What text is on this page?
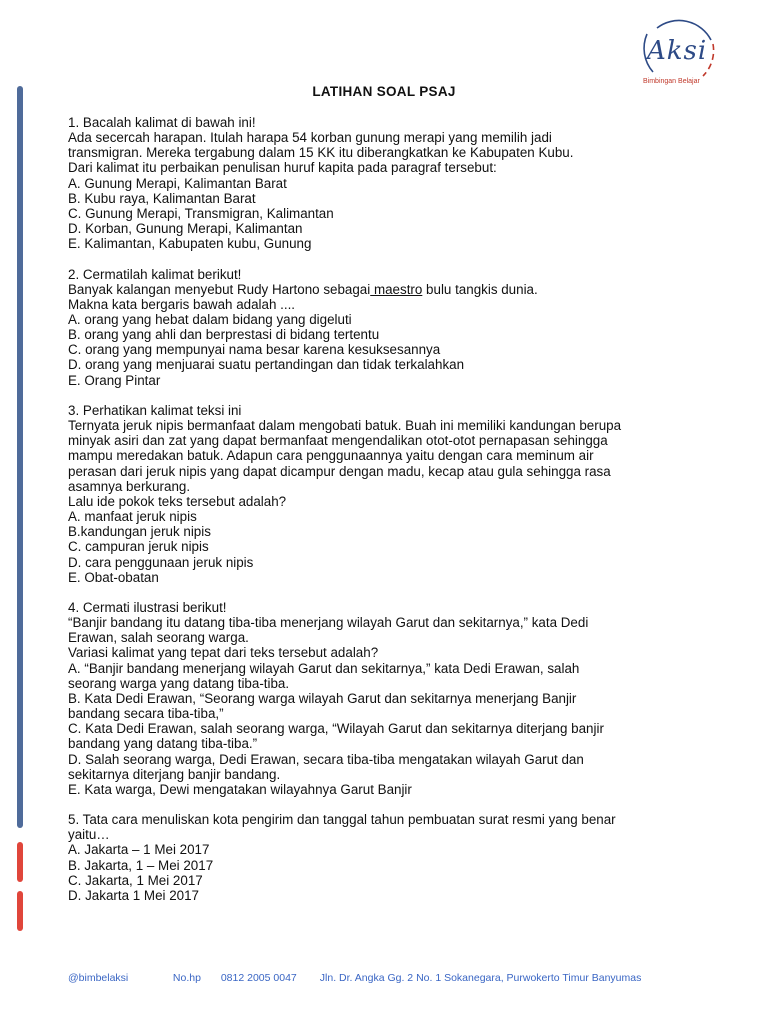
Aksi
Bimbingan Belajar
LATIHAN SOAL PSAJ

1. Bacalah kalimat di bawah ini!

Ada secercah harapan. Itulah harapa 54 korban gunung merapi yang memilih jadi

transmigran. Mereka tergabung dalam 15 KK itu diberangkatkan ke Kabupaten Kubu.

Dari kalimat itu perbaikan penulisan huruf kapita pada paragraf tersebut:

A. Gunung Merapi, Kalimantan Barat

B. Kubu raya, Kalimantan Barat

C. Gunung Merapi, Transmigran, Kalimantan

D. Korban, Gunung Merapi, Kalimantan

E. Kalimantan, Kabupaten kubu, Gunung

2. Cermatilah kalimat berikut!

Banyak kalangan menyebut Rudy Hartono sebagai maestro bulu tangkis dunia.

Makna kata bergaris bawah adalah ....

A. orang yang hebat dalam bidang yang digeluti

B. orang yang ahli dan berprestasi di bidang tertentu

C. orang yang mempunyai nama besar karena kesuksesannya

D. orang yang menjuarai suatu pertandingan dan tidak terkalahkan

E. Orang Pintar

3. Perhatikan kalimat teksi ini

Ternyata jeruk nipis bermanfaat dalam mengobati batuk. Buah ini memiliki kandungan berupa

minyak asiri dan zat yang dapat bermanfaat mengendalikan otot-otot pernapasan sehingga

mampu meredakan batuk. Adapun cara penggunaannya yaitu dengan cara meminum air

perasan dari jeruk nipis yang dapat dicampur dengan madu, kecap atau gula sehingga rasa

asamnya berkurang.

Lalu ide pokok teks tersebut adalah?

A. manfaat jeruk nipis

B.kandungan jeruk nipis

C. campuran jeruk nipis

D. cara penggunaan jeruk nipis

E. Obat-obatan

4. Cermati ilustrasi berikut!

“Banjir bandang itu datang tiba-tiba menerjang wilayah Garut dan sekitarnya,” kata Dedi

Erawan, salah seorang warga.

Variasi kalimat yang tepat dari teks tersebut adalah?

A. “Banjir bandang menerjang wilayah Garut dan sekitarnya,” kata Dedi Erawan, salah

seorang warga yang datang tiba-tiba.

B. Kata Dedi Erawan, “Seorang warga wilayah Garut dan sekitarnya menerjang Banjir

bandang secara tiba-tiba,”

C. Kata Dedi Erawan, salah seorang warga, “Wilayah Garut dan sekitarnya diterjang banjir

bandang yang datang tiba-tiba.”

D. Salah seorang warga, Dedi Erawan, secara tiba-tiba mengatakan wilayah Garut dan

sekitarnya diterjang banjir bandang.

E. Kata warga, Dewi mengatakan wilayahnya Garut Banjir

5. Tata cara menuliskan kota pengirim dan tanggal tahun pembuatan surat resmi yang benar

yaitu…

A. Jakarta – 1 Mei 2017

B. Jakarta, 1 – Mei 2017

C. Jakarta, 1 Mei 2017

D. Jakarta 1 Mei 2017

@bimbelaksi	No.hp 0812 2005 0047 Jln. Dr. Angka Gg. 2 No. 1 Sokanegara, Purwokerto Timur Banyumas
